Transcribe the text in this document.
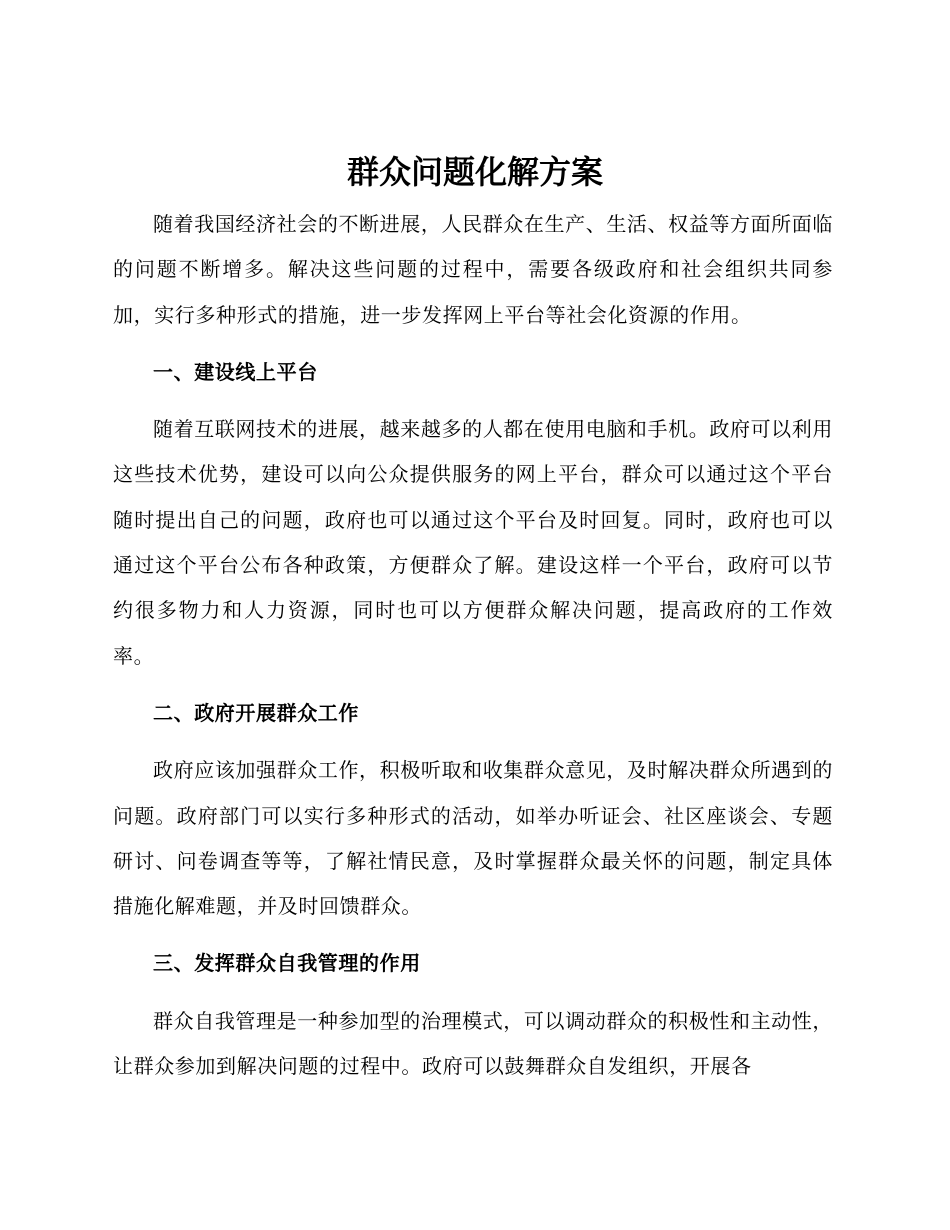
群众问题化解方案

随着我国经济社会的不断进展，人民群众在生产、生活、权益等方面所面临的问题不断增多。解决这些问题的过程中，需要各级政府和社会组织共同参加，实行多种形式的措施，进一步发挥网上平台等社会化资源的作用。

一、建设线上平台

随着互联网技术的进展，越来越多的人都在使用电脑和手机。政府可以利用这些技术优势，建设可以向公众提供服务的网上平台，群众可以通过这个平台随时提出自己的问题，政府也可以通过这个平台及时回复。同时，政府也可以通过这个平台公布各种政策，方便群众了解。建设这样一个平台，政府可以节约很多物力和人力资源，同时也可以方便群众解决问题，提高政府的工作效率。

二、政府开展群众工作

政府应该加强群众工作，积极听取和收集群众意见，及时解决群众所遇到的问题。政府部门可以实行多种形式的活动，如举办听证会、社区座谈会、专题研讨、问卷调查等等，了解社情民意，及时掌握群众最关怀的问题，制定具体措施化解难题，并及时回馈群众。

三、发挥群众自我管理的作用

群众自我管理是一种参加型的治理模式，可以调动群众的积极性和主动性，让群众参加到解决问题的过程中。政府可以鼓舞群众自发组织，开展各
